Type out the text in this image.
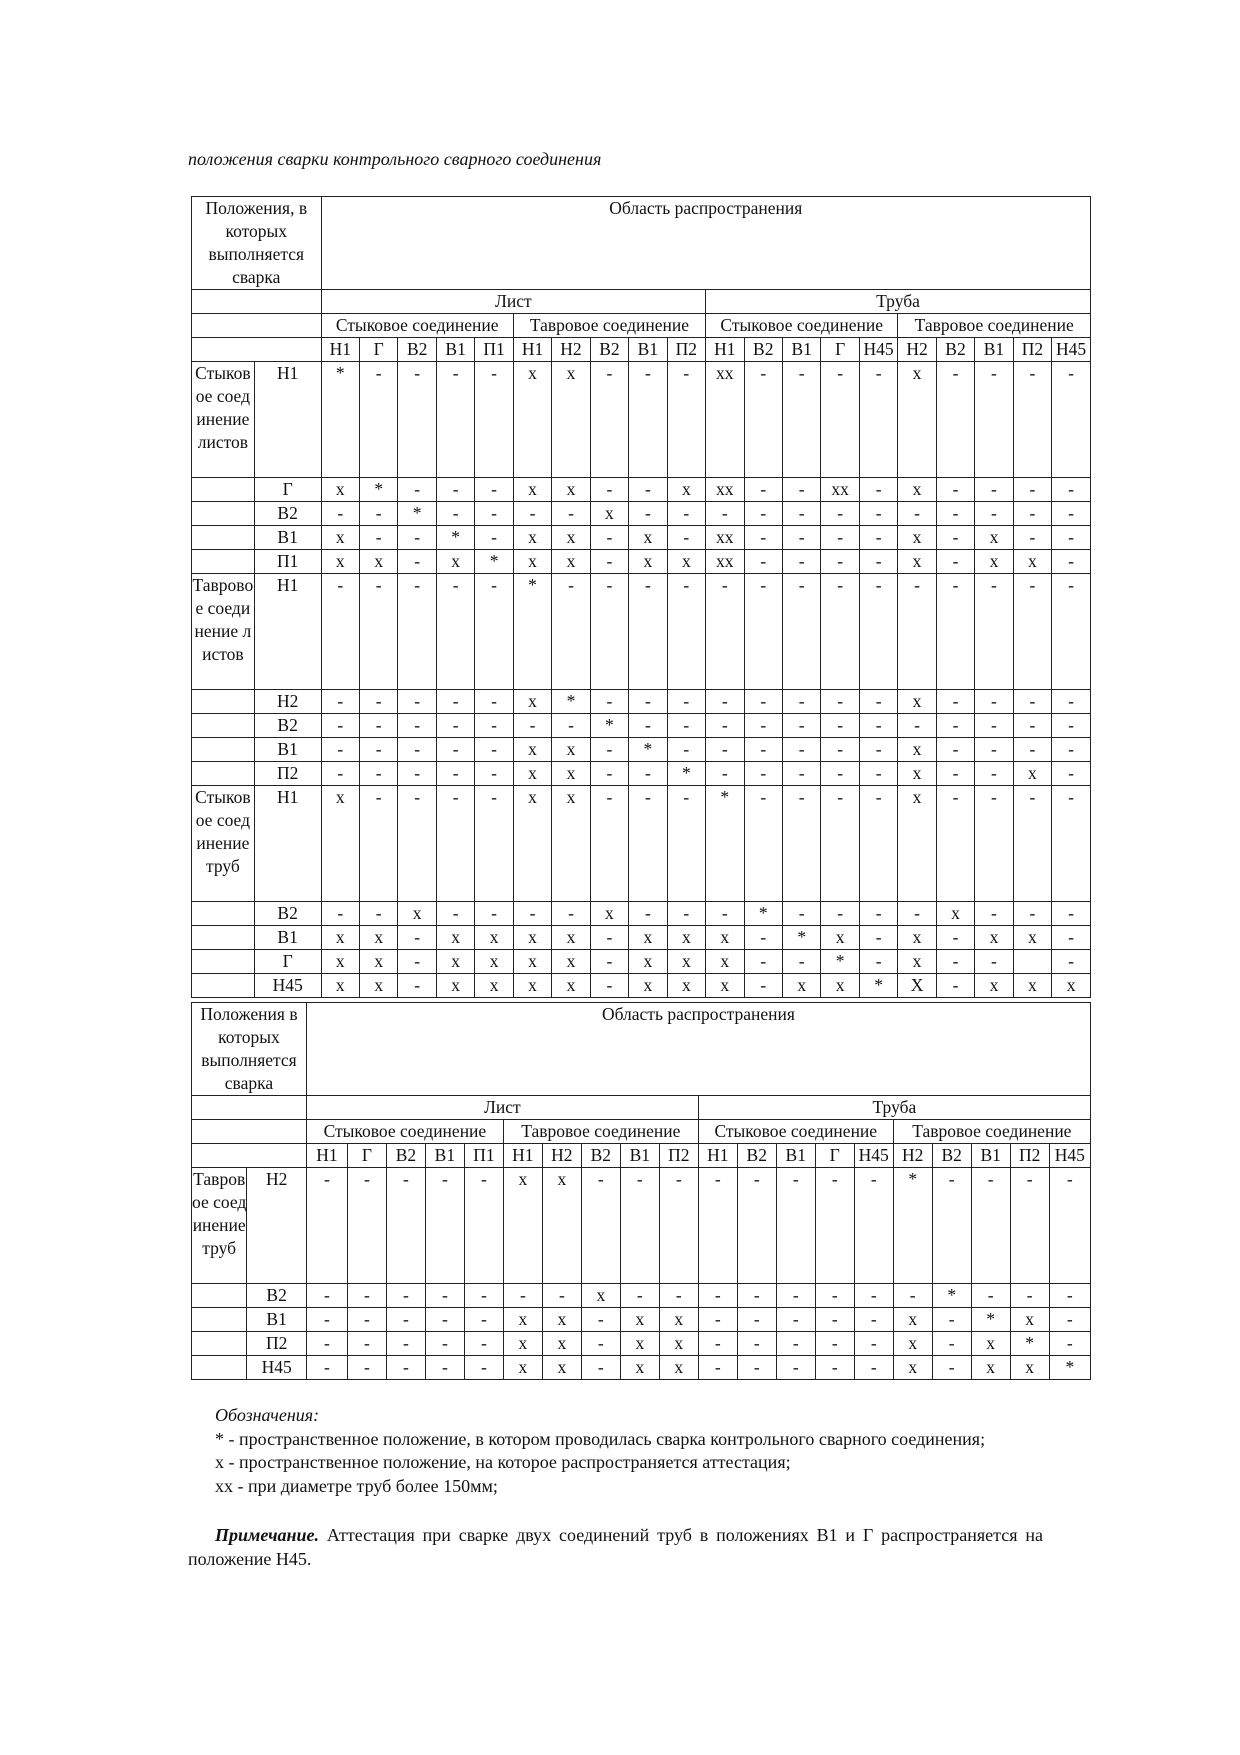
положения сварки контрольного сварного соединения
Положения, в которых выполняется сварка		Область распространения																			
		Лист										Труба									
		Стыковое соединение					Тавровое соединение					Стыковое соединение					Тавровое соединение				
		Н1	Г	В2	В1	П1	Н1	Н2	В2	В1	П2	Н1	В2	В1	Г	Н45	Н2	В2	В1	П2	Н45
Стыковое соединение листов	Н1	*	-	-	-	-	х	х	-	-	-	хх	-	-	-	-	х	-	-	-	-
	Г	х	*	-	-	-	х	х	-	-	х	хх	-	-	хх	-	х	-	-	-	-
	В2	-	-	*	-	-	-	-	х	-	-	-	-	-	-	-	-	-	-	-	-
	В1	х	-	-	*	-	х	х	-	х	-	хх	-	-	-	-	х	-	х	-	-
	П1	х	х	-	х	*	х	х	-	х	х	хх	-	-	-	-	х	-	х	х	-
Тавровое соединение листов	Н1	-	-	-	-	-	*	-	-	-	-	-	-	-	-	-	-	-	-	-	-
	Н2	-	-	-	-	-	х	*	-	-	-	-	-	-	-	-	х	-	-	-	-
	В2	-	-	-	-	-	-	-	*	-	-	-	-	-	-	-	-	-	-	-	-
	В1	-	-	-	-	-	х	х	-	*	-	-	-	-	-	-	х	-	-	-	-
	П2	-	-	-	-	-	х	х	-	-	*	-	-	-	-	-	х	-	-	х	-
Стыковое соединение труб	Н1	х	-	-	-	-	х	х	-	-	-	*	-	-	-	-	х	-	-	-	-
	В2	-	-	х	-	-	-	-	х	-	-	-	*	-	-	-	-	х	-	-	-
	В1	х	х	-	х	х	х	х	-	х	х	х	-	*	х	-	х	-	х	х	-
	Г	х	х	-	х	х	х	х	-	х	х	х	-	-	*	-	х	-	-		-
	Н45	х	х	-	х	х	х	х	-	х	х	х	-	х	х	*	Х	-	х	х	х
Положения в которых выполняется сварка		Область распространения																			
		Лист										Труба									
		Стыковое соединение					Тавровое соединение					Стыковое соединение					Тавровое соединение				
		Н1	Г	В2	В1	П1	Н1	Н2	В2	В1	П2	Н1	В2	В1	Г	Н45	Н2	В2	В1	П2	Н45
Тавровое соединение труб	Н2	-	-	-	-	-	х	х	-	-	-	-	-	-	-	-	*	-	-	-	-
	В2	-	-	-	-	-	-	-	х	-	-	-	-	-	-	-	-	*	-	-	-
	В1	-	-	-	-	-	х	х	-	х	х	-	-	-	-	-	х	-	*	х	-
	П2	-	-	-	-	-	х	х	-	х	х	-	-	-	-	-	х	-	х	*	-
	Н45	-	-	-	-	-	х	х	-	х	х	-	-	-	-	-	х	-	х	х	*

Обозначения:

* - пространственное положение, в котором проводилась сварка контрольного сварного соединения;

х - пространственное положение, на которое распространяется аттестация;

хх - при диаметре труб более 150мм;

Примечание. Аттестация при сварке двух соединений труб в положениях В1 и Г распространяется на положение Н45.
